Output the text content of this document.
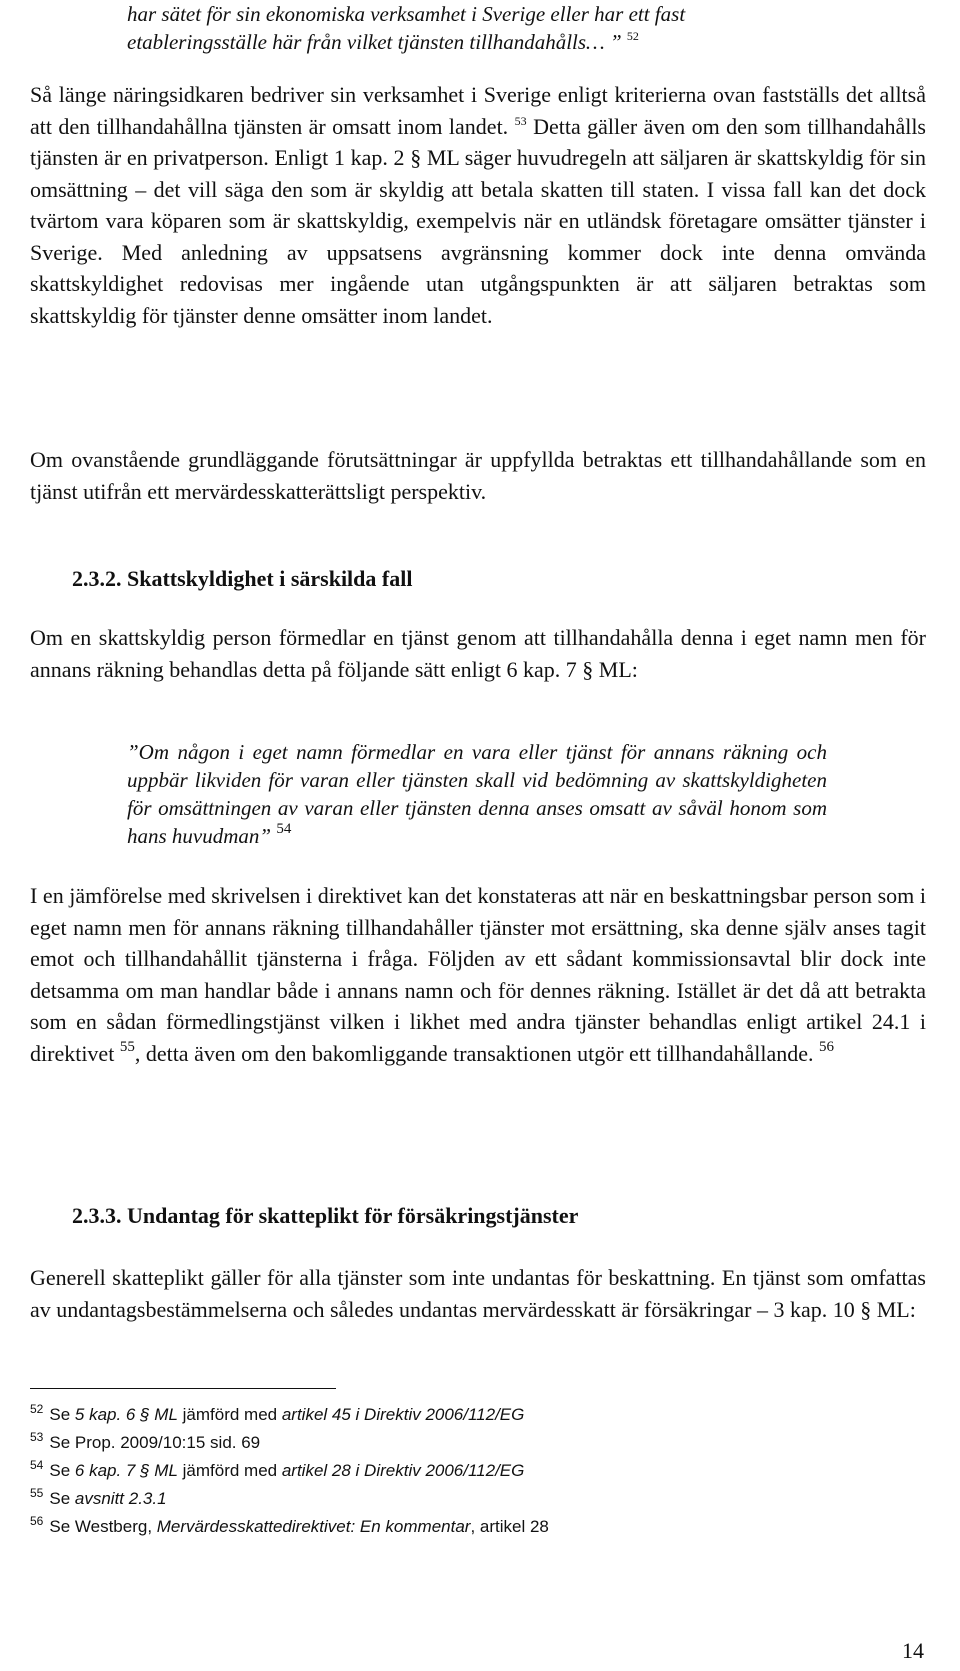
har sätet för sin ekonomiska verksamhet i Sverige eller har ett fast
etableringsställe här från vilket tjänsten tillhandahålls… ” $^{52}$

Så länge näringsidkaren bedriver sin verksamhet i Sverige enligt kriterierna ovan fastställs det alltså att den tillhandahållna tjänsten är omsatt inom landet. $^{53}$ Detta gäller även om den som tillhandahålls tjänsten är en privatperson. Enligt 1 kap. 2 § ML säger huvudregeln att säljaren är skattskyldig för sin omsättning – det vill säga den som är skyldig att betala skatten till staten. I vissa fall kan det dock tvärtom vara köparen som är skattskyldig, exempelvis när en utländsk företagare omsätter tjänster i Sverige. Med anledning av uppsatsens avgränsning kommer dock inte denna omvända skattskyldighet redovisas mer ingående utan utgångspunkten är att säljaren betraktas som skattskyldig för tjänster denne omsätter inom landet.

Om ovanstående grundläggande förutsättningar är uppfyllda betraktas ett tillhandahållande som en tjänst utifrån ett mervärdesskatterättsligt perspektiv.

2.3.2. Skattskyldighet i särskilda fall

Om en skattskyldig person förmedlar en tjänst genom att tillhandahålla denna i eget namn men för annans räkning behandlas detta på följande sätt enligt 6 kap. 7 § ML:

”Om någon i eget namn förmedlar en vara eller tjänst för annans räkning och uppbär likviden för varan eller tjänsten skall vid bedömning av skattskyldigheten för omsättningen av varan eller tjänsten denna anses omsatt av såväl honom som hans huvudman” $^{54}$

I en jämförelse med skrivelsen i direktivet kan det konstateras att när en beskattningsbar person som i eget namn men för annans räkning tillhandahåller tjänster mot ersättning, ska denne själv anses tagit emot och tillhandahållit tjänsterna i fråga. Följden av ett sådant kommissionsavtal blir dock inte detsamma om man handlar både i annans namn och för dennes räkning. Istället är det då att betrakta som en sådan förmedlingstjänst vilken i likhet med andra tjänster behandlas enligt artikel 24.1 i direktivet $^{55}$, detta även om den bakomliggande transaktionen utgör ett tillhandahållande. $^{56}$

2.3.3. Undantag för skatteplikt för försäkringstjänster

Generell skatteplikt gäller för alla tjänster som inte undantas för beskattning. En tjänst som omfattas av undantagsbestämmelserna och således undantas mervärdesskatt är försäkringar – 3 kap. 10 § ML:

$^{52}$ Se 5 kap. 6 § ML jämförd med artikel 45 i Direktiv 2006/112/EG
$^{53}$ Se Prop. 2009/10:15 sid. 69
$^{54}$ Se 6 kap. 7 § ML jämförd med artikel 28 i Direktiv 2006/112/EG
$^{55}$ Se avsnitt 2.3.1
$^{56}$ Se Westberg, Mervärdesskattedirektivet: En kommentar, artikel 28
14
